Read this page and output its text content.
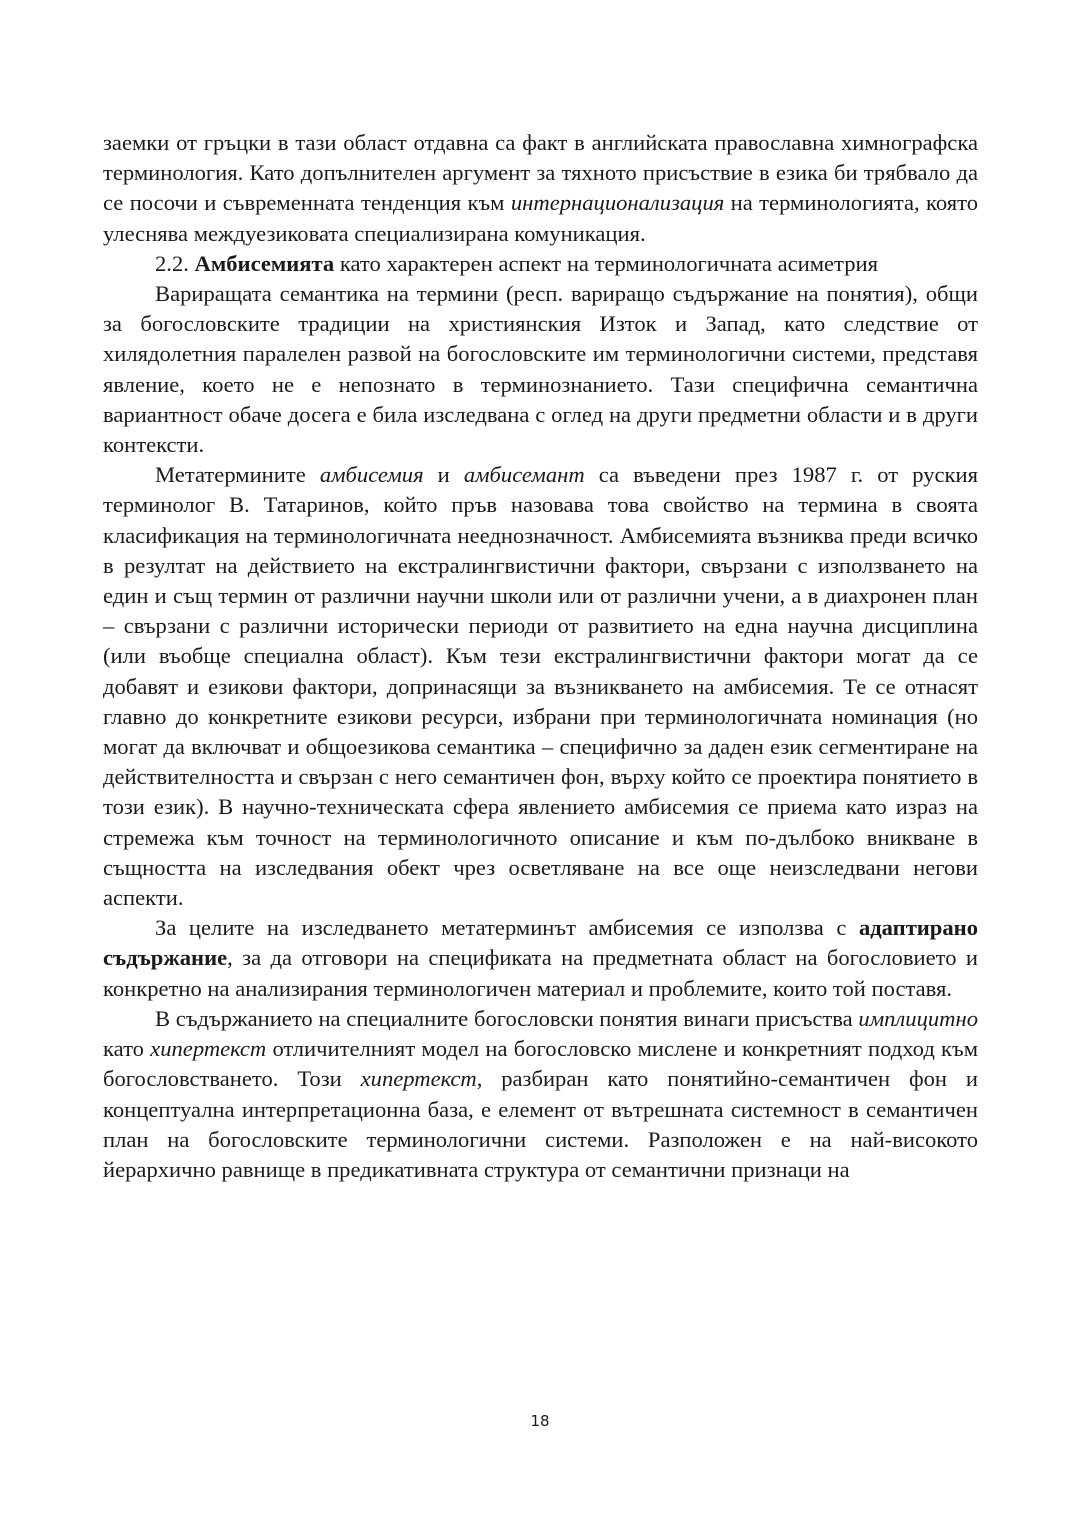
заемки от гръцки в тази област отдавна са факт в английската православна химнографска терминология. Като допълнителен аргумент за тяхното присъствие в езика би трябвало да се посочи и съвременната тенденция към интернационализация на терминологията, която улеснява междуезиковата специализирана комуникация.

2.2. Амбисемията като характерен аспект на терминологичната асиметрия

Вариращата семантика на термини (респ. вариращо съдържание на понятия), общи за богословските традиции на християнския Изток и Запад, като следствие от хилядолетния паралелен развой на богословските им терминологични системи, представя явление, което не е непознато в терминознанието. Тази специфична семантична вариантност обаче досега е била изследвана с оглед на други предметни области и в други контексти.

Метатермините амбисемия и амбисемант са въведени през 1987 г. от руския терминолог В. Татаринов, който пръв назовава това свойство на термина в своята класификация на терминологичната нееднозначност. Амбисемията възниква преди всичко в резултат на действието на екстралингвистични фактори, свързани с използването на един и същ термин от различни научни школи или от различни учени, а в диахронен план – свързани с различни исторически периоди от развитието на една научна дисциплина (или въобще специална област). Към тези екстралингвистични фактори могат да се добавят и езикови фактори, допринасящи за възникването на амбисемия. Те се отнасят главно до конкретните езикови ресурси, избрани при терминологичната номинация (но могат да включват и общоезикова семантика – специфично за даден език сегментиране на действителността и свързан с него семантичен фон, върху който се проектира понятието в този език). В научно-техническата сфера явлението амбисемия се приема като израз на стремежа към точност на терминологичното описание и към по-дълбоко вникване в същността на изследвания обект чрез осветляване на все още неизследвани негови аспекти.

За целите на изследването метатерминът амбисемия се използва с адаптирано съдържание, за да отговори на спецификата на предметната област на богословието и конкретно на анализирания терминологичен материал и проблемите, които той поставя.

В съдържанието на специалните богословски понятия винаги присъства имплицитно като хипертекст отличителният модел на богословско мислене и конкретният подход към богословстването. Този хипертекст, разбиран като понятийно-семантичен фон и концептуална интерпретационна база, е елемент от вътрешната системност в семантичен план на богословските терминологични системи. Разположен е на най-високото йерархично равнище в предикативната структура от семантични признаци на

18
